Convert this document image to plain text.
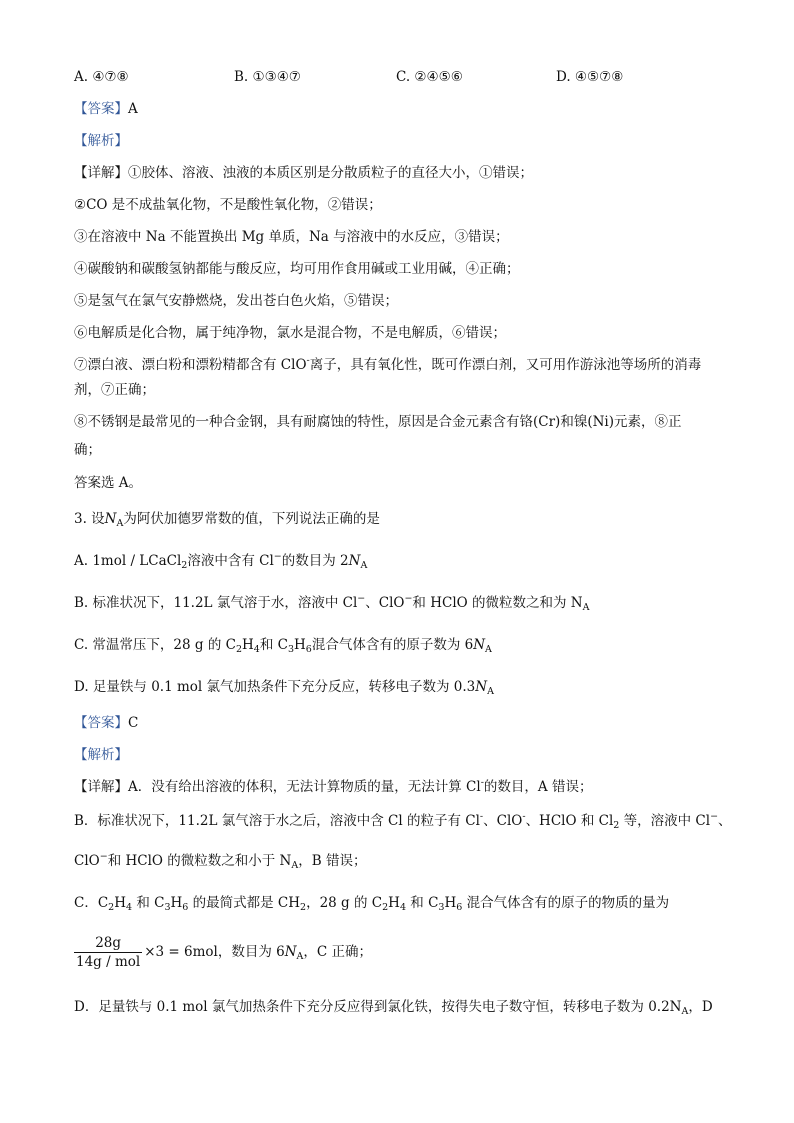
A. ④⑦⑧	B. ①③④⑦	C. ②④⑤⑥	D. ④⑤⑦⑧
【答案】A
【解析】
【详解】①胶体、溶液、浊液的本质区别是分散质粒子的直径大小，①错误；
②CO 是不成盐氧化物，不是酸性氧化物，②错误；
③在溶液中 Na 不能置换出 Mg 单质，Na 与溶液中的水反应，③错误；
④碳酸钠和碳酸氢钠都能与酸反应，均可用作食用碱或工业用碱，④正确；
⑤是氢气在氯气安静燃烧，发出苍白色火焰，⑤错误；
⑥电解质是化合物，属于纯净物，氯水是混合物，不是电解质，⑥错误；
⑦漂白液、漂白粉和漂粉精都含有 ClO-离子，具有氧化性，既可作漂白剂，又可用作游泳池等场所的消毒
剂，⑦正确；
⑧不锈钢是最常见的一种合金钢，具有耐腐蚀的特性，原因是合金元素含有铬(Cr)和镍(Ni)元素，⑧正
确；
答案选 A。
3. 设$N_A$为阿伏加德罗常数的值，下列说法正确的是
A. 1mol / LCaCl$_2$溶液中含有 Cl−的数目为 $2N_A$
B. 标准状况下，11.2L 氯气溶于水，溶液中 Cl−、ClO−和 HClO 的微粒数之和为 $N_A$
C. 常温常压下，28 g 的 $C_2H_4$和 $C_3H_6$混合气体含有的原子数为 $6N_A$
D. 足量铁与 0.1 mol 氯气加热条件下充分反应，转移电子数为 $0.3N_A$
【答案】C
【解析】
【详解】A．没有给出溶液的体积，无法计算物质的量，无法计算 Cl-的数目，A 错误；
B．标准状况下，11.2L 氯气溶于水之后，溶液中含 Cl 的粒子有 Cl-、ClO-、HClO 和 $Cl_2$ 等，溶液中 Cl−、
ClO−和 HClO 的微粒数之和小于 $N_A$，B 错误；
C．$C_2H_4$ 和 $C_3H_6$ 的最简式都是 $CH_2$，28 g 的 $C_2H_4$ 和 $C_3H_6$ 混合气体含有的原子的物质的量为
$\frac{28g}{\text{14g / mol}} \times 3 = 6mol$，数目为 $6N_A$，C 正确；
D．足量铁与 0.1 mol 氯气加热条件下充分反应得到氯化铁，按得失电子数守恒，转移电子数为 $0.2N_A$，D
